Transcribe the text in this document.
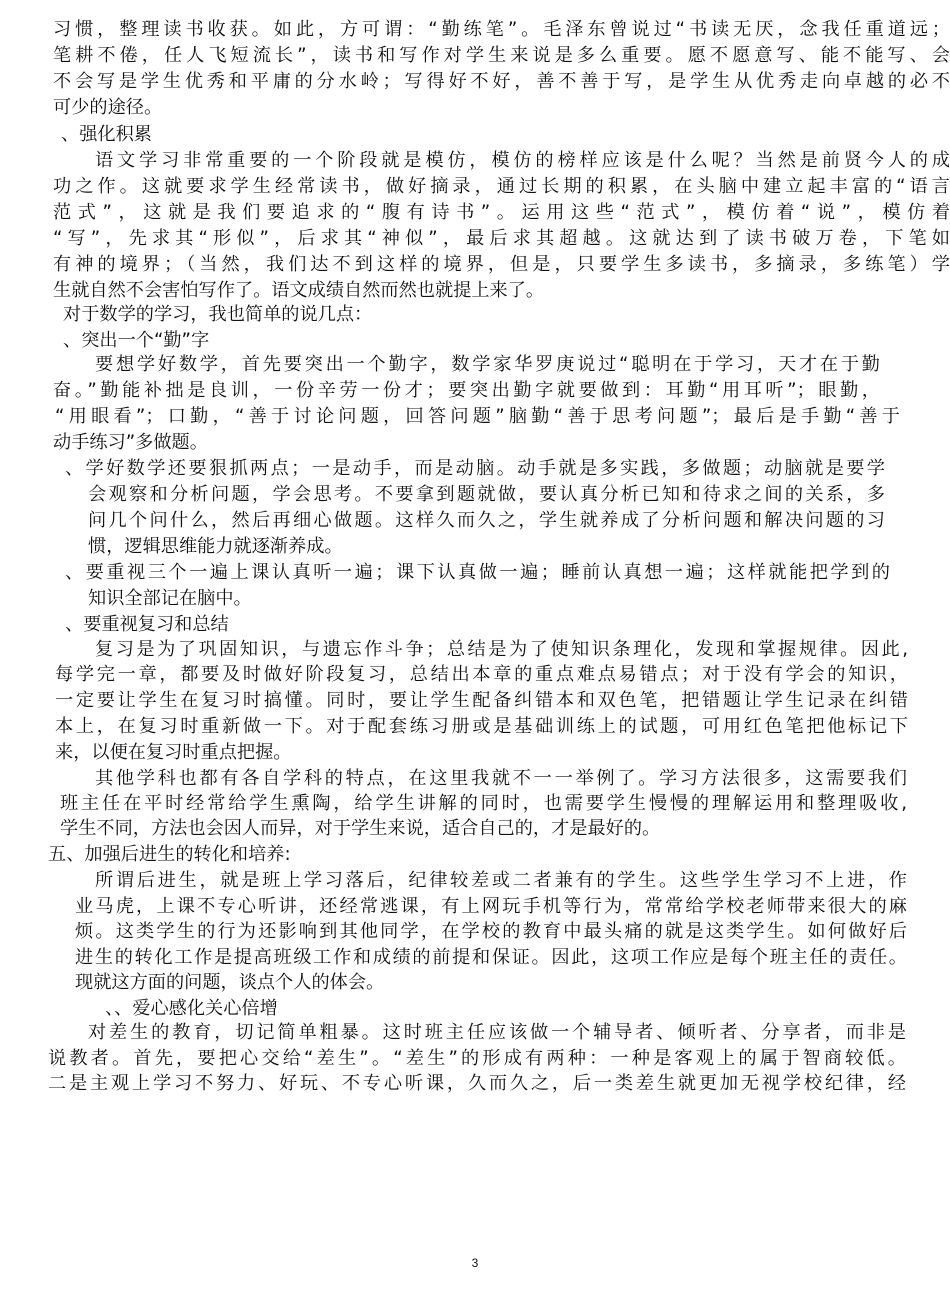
习惯，整理读书收获。如此，方可谓：“勤练笔”。毛泽东曾说过“书读无厌，念我任重道远；
笔耕不倦，任人飞短流长”，读书和写作对学生来说是多么重要。愿不愿意写、能不能写、会
不会写是学生优秀和平庸的分水岭；写得好不好，善不善于写，是学生从优秀走向卓越的必不
可少的途径。
、强化积累
语文学习非常重要的一个阶段就是模仿，模仿的榜样应该是什么呢？当然是前贤今人的成
功之作。这就要求学生经常读书，做好摘录，通过长期的积累，在头脑中建立起丰富的“语言
范式”，这就是我们要追求的“腹有诗书”。运用这些“范式”，模仿着“说”，模仿着
“写”，先求其“形似”，后求其“神似”，最后求其超越。这就达到了读书破万卷，下笔如
有神的境界；（当然，我们达不到这样的境界，但是，只要学生多读书，多摘录，多练笔）学
生就自然不会害怕写作了。语文成绩自然而然也就提上来了。
对于数学的学习，我也简单的说几点：
、突出一个“勤”字
要想学好数学，首先要突出一个勤字，数学家华罗庚说过“聪明在于学习，天才在于勤
奋。”勤能补拙是良训，一份辛劳一份才；要突出勤字就要做到：耳勤“用耳听”；眼勤，
“用眼看”；口勤，“善于讨论问题，回答问题”脑勤“善于思考问题”；最后是手勤“善于
动手练习”多做题。
、学好数学还要狠抓两点；一是动手，而是动脑。动手就是多实践，多做题；动脑就是要学
会观察和分析问题，学会思考。不要拿到题就做，要认真分析已知和待求之间的关系，多
问几个问什么，然后再细心做题。这样久而久之，学生就养成了分析问题和解决问题的习
惯，逻辑思维能力就逐渐养成。
、要重视三个一遍上课认真听一遍；课下认真做一遍；睡前认真想一遍；这样就能把学到的
知识全部记在脑中。
、要重视复习和总结
复习是为了巩固知识，与遗忘作斗争；总结是为了使知识条理化，发现和掌握规律。因此,
每学完一章，都要及时做好阶段复习，总结出本章的重点难点易错点；对于没有学会的知识，
一定要让学生在复习时搞懂。同时，要让学生配备纠错本和双色笔，把错题让学生记录在纠错
本上，在复习时重新做一下。对于配套练习册或是基础训练上的试题，可用红色笔把他标记下
来，以便在复习时重点把握。
其他学科也都有各自学科的特点，在这里我就不一一举例了。学习方法很多，这需要我们
班主任在平时经常给学生熏陶，给学生讲解的同时，也需要学生慢慢的理解运用和整理吸收,
学生不同，方法也会因人而异，对于学生来说，适合自己的，才是最好的。
五、加强后进生的转化和培养:
所谓后进生，就是班上学习落后，纪律较差或二者兼有的学生。这些学生学习不上进，作
业马虎，上课不专心听讲，还经常逃课，有上网玩手机等行为，常常给学校老师带来很大的麻
烦。这类学生的行为还影响到其他同学，在学校的教育中最头痛的就是这类学生。如何做好后
进生的转化工作是提高班级工作和成绩的前提和保证。因此，这项工作应是每个班主任的责任。
现就这方面的问题，谈点个人的体会。
、、爱心感化关心倍增
对差生的教育，切记简单粗暴。这时班主任应该做一个辅导者、倾听者、分享者，而非是
说教者。首先，要把心交给“差生”。“差生”的形成有两种：一种是客观上的属于智商较低。
二是主观上学习不努力、好玩、不专心听课，久而久之，后一类差生就更加无视学校纪律，经
3
